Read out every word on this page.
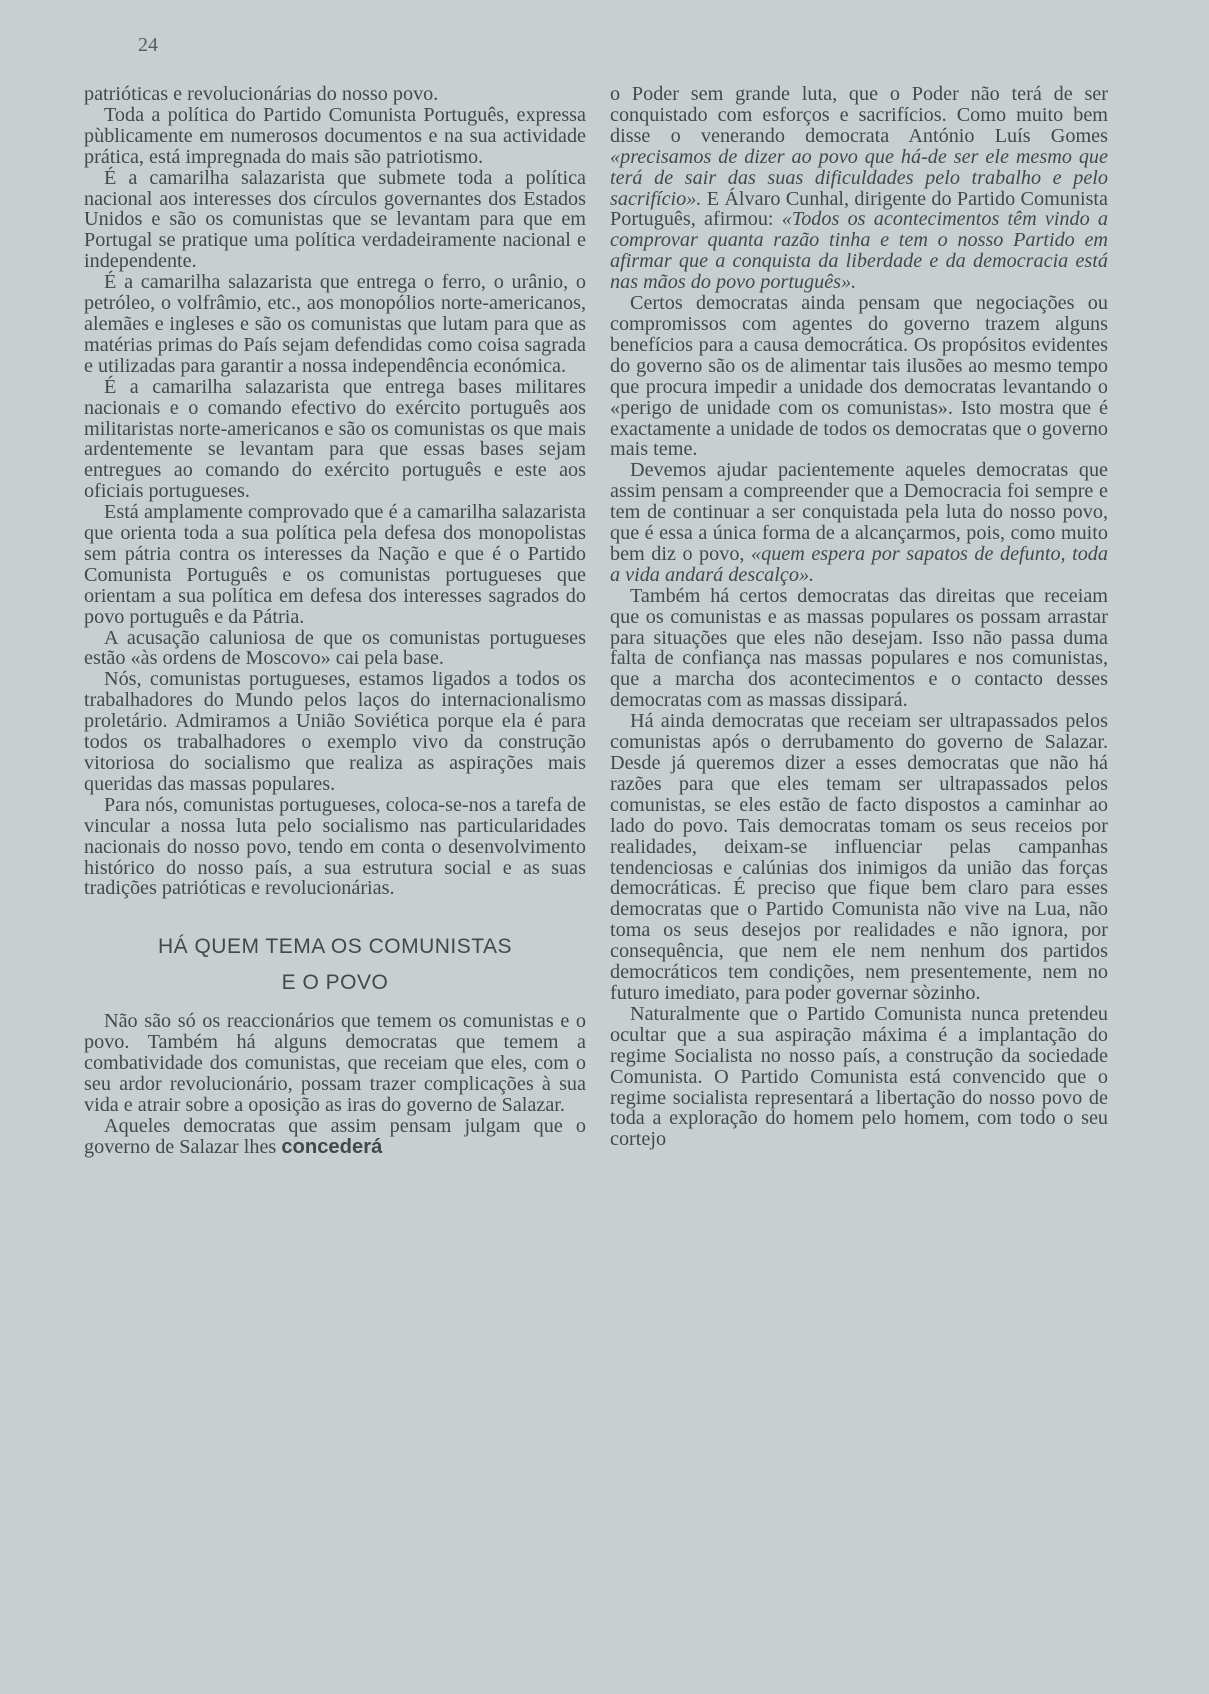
24

patrióticas e revolucionárias do nosso povo.

Toda a política do Partido Comunista Português, expressa pùblicamente em numerosos documentos e na sua actividade prática, está impregnada do mais são patriotismo.

É a camarilha salazarista que submete toda a política nacional aos interesses dos círculos governantes dos Estados Unidos e são os comunistas que se levantam para que em Portugal se pratique uma política verdadeiramente nacional e independente.

É a camarilha salazarista que entrega o ferro, o urânio, o petróleo, o volfrâmio, etc., aos monopólios norte-americanos, alemães e ingleses e são os comunistas que lutam para que as matérias primas do País sejam defendidas como coisa sagrada e utilizadas para garantir a nossa independência económica.

É a camarilha salazarista que entrega bases militares nacionais e o comando efectivo do exército português aos militaristas norte-americanos e são os comunistas os que mais ardentemente se levantam para que essas bases sejam entregues ao comando do exército português e este aos oficiais portugueses.

Está amplamente comprovado que é a camarilha salazarista que orienta toda a sua política pela defesa dos monopolistas sem pátria contra os interesses da Nação e que é o Partido Comunista Português e os comunistas portugueses que orientam a sua política em defesa dos interesses sagrados do povo português e da Pátria.

A acusação caluniosa de que os comunistas portugueses estão «às ordens de Moscovo» cai pela base.

Nós, comunistas portugueses, estamos ligados a todos os trabalhadores do Mundo pelos laços do internacionalismo proletário. Admiramos a União Soviética porque ela é para todos os trabalhadores o exemplo vivo da construção vitoriosa do socialismo que realiza as aspirações mais queridas das massas populares.

Para nós, comunistas portugueses, coloca-se-nos a tarefa de vincular a nossa luta pelo socialismo nas particularidades nacionais do nosso povo, tendo em conta o desenvolvimento histórico do nosso país, a sua estrutura social e as suas tradições patrióticas e revolucionárias.

HÁ QUEM TEMA OS COMUNISTAS
E O POVO

Não são só os reaccionários que temem os comunistas e o povo. Também há alguns democratas que temem a combatividade dos comunistas, que receiam que eles, com o seu ardor revolucionário, possam trazer complicações à sua vida e atrair sobre a oposição as iras do governo de Salazar.

Aqueles democratas que assim pensam julgam que o governo de Salazar lhes concederá

o Poder sem grande luta, que o Poder não terá de ser conquistado com esforços e sacrifícios. Como muito bem disse o venerando democrata António Luís Gomes «precisamos de dizer ao povo que há-de ser ele mesmo que terá de sair das suas dificuldades pelo trabalho e pelo sacrifício». E Álvaro Cunhal, dirigente do Partido Comunista Português, afirmou: «Todos os acontecimentos têm vindo a comprovar quanta razão tinha e tem o nosso Partido em afirmar que a conquista da liberdade e da democracia está nas mãos do povo português».

Certos democratas ainda pensam que negociações ou compromissos com agentes do governo trazem alguns benefícios para a causa democrática. Os propósitos evidentes do governo são os de alimentar tais ilusões ao mesmo tempo que procura impedir a unidade dos democratas levantando o «perigo de unidade com os comunistas». Isto mostra que é exactamente a unidade de todos os democratas que o governo mais teme.

Devemos ajudar pacientemente aqueles democratas que assim pensam a compreender que a Democracia foi sempre e tem de continuar a ser conquistada pela luta do nosso povo, que é essa a única forma de a alcançarmos, pois, como muito bem diz o povo, «quem espera por sapatos de defunto, toda a vida andará descalço».

Também há certos democratas das direitas que receiam que os comunistas e as massas populares os possam arrastar para situações que eles não desejam. Isso não passa duma falta de confiança nas massas populares e nos comunistas, que a marcha dos acontecimentos e o contacto desses democratas com as massas dissipará.

Há ainda democratas que receiam ser ultrapassados pelos comunistas após o derrubamento do governo de Salazar. Desde já queremos dizer a esses democratas que não há razões para que eles temam ser ultrapassados pelos comunistas, se eles estão de facto dispostos a caminhar ao lado do povo. Tais democratas tomam os seus receios por realidades, deixam-se influenciar pelas campanhas tendenciosas e calúnias dos inimigos da união das forças democráticas. É preciso que fique bem claro para esses democratas que o Partido Comunista não vive na Lua, não toma os seus desejos por realidades e não ignora, por consequência, que nem ele nem nenhum dos partidos democráticos tem condições, nem presentemente, nem no futuro imediato, para poder governar sòzinho.

Naturalmente que o Partido Comunista nunca pretendeu ocultar que a sua aspiração máxima é a implantação do regime Socialista no nosso país, a construção da sociedade Comunista. O Partido Comunista está convencido que o regime socialista representará a libertação do nosso povo de toda a exploração do homem pelo homem, com todo o seu cortejo
